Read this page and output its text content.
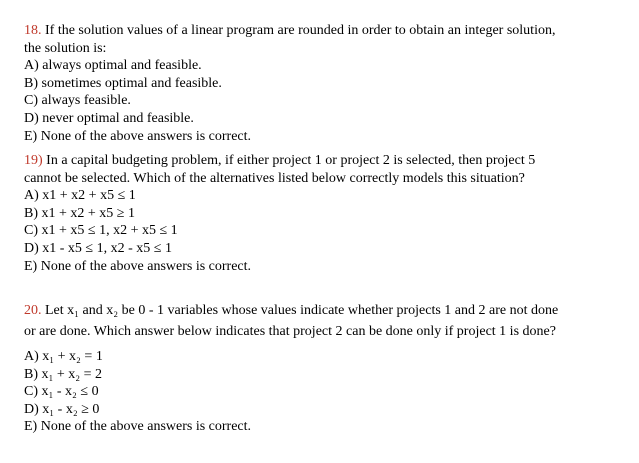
18. If the solution values of a linear program are rounded in order to obtain an integer solution,
the solution is:
A) always optimal and feasible.
B) sometimes optimal and feasible.
C) always feasible.
D) never optimal and feasible.
E) None of the above answers is correct.
19) In a capital budgeting problem, if either project 1 or project 2 is selected, then project 5
cannot be selected. Which of the alternatives listed below correctly models this situation?
A) x1 + x2 + x5 ≤ 1
B) x1 + x2 + x5 ≥ 1
C) x1 + x5 ≤ 1, x2 + x5 ≤ 1
D) x1 - x5 ≤ 1, x2 - x5 ≤ 1
E) None of the above answers is correct.
20. Let x₁ and x₂ be 0 - 1 variables whose values indicate whether projects 1 and 2 are not done
or are done. Which answer below indicates that project 2 can be done only if project 1 is done?
A) x₁ + x₂ = 1
B) x₁ + x₂ = 2
C) x₁ - x₂ ≤ 0
D) x₁ - x₂ ≥ 0
E) None of the above answers is correct.
